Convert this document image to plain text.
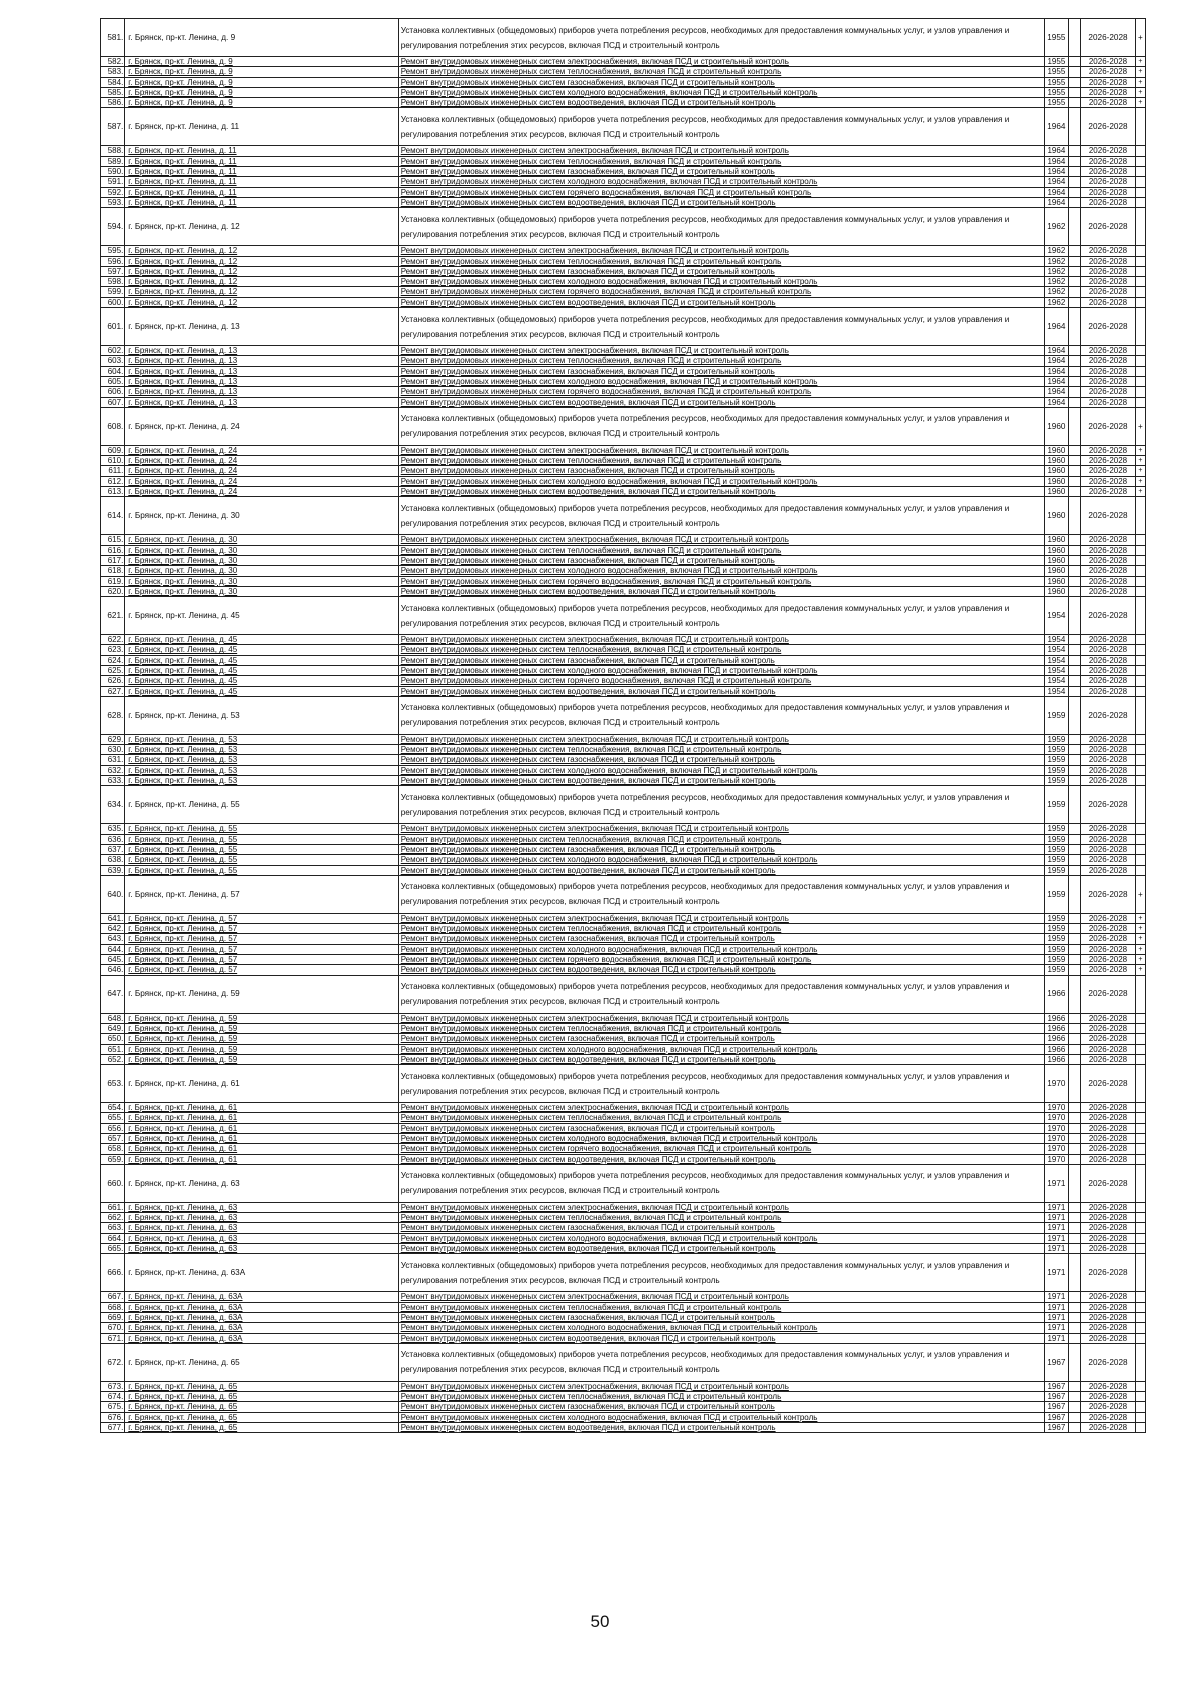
581.	г. Брянск, пр-кт. Ленина, д. 9	Установка коллективных (общедомовых) приборов учета потребления ресурсов, необходимых для предоставления коммунальных услуг, и узлов управления и регулирования потребления этих ресурсов, включая ПСД и строительный контроль	1955		2026-2028	+
582.	г. Брянск, пр-кт. Ленина, д. 9	Ремонт внутридомовых инженерных систем электроснабжения, включая ПСД и строительный контроль	1955		2026-2028	+
583.	г. Брянск, пр-кт. Ленина, д. 9	Ремонт внутридомовых инженерных систем теплоснабжения, включая ПСД и строительный контроль	1955		2026-2028	+
584.	г. Брянск, пр-кт. Ленина, д. 9	Ремонт внутридомовых инженерных систем газоснабжения, включая ПСД и строительный контроль	1955		2026-2028	+
585.	г. Брянск, пр-кт. Ленина, д. 9	Ремонт внутридомовых инженерных систем холодного водоснабжения, включая ПСД и строительный контроль	1955		2026-2028	+
586.	г. Брянск, пр-кт. Ленина, д. 9	Ремонт внутридомовых инженерных систем водоотведения, включая ПСД и строительный контроль	1955		2026-2028	+
587.	г. Брянск, пр-кт. Ленина, д. 11	Установка коллективных (общедомовых) приборов учета потребления ресурсов, необходимых для предоставления коммунальных услуг, и узлов управления и регулирования потребления этих ресурсов, включая ПСД и строительный контроль	1964		2026-2028	
588.	г. Брянск, пр-кт. Ленина, д. 11	Ремонт внутридомовых инженерных систем электроснабжения, включая ПСД и строительный контроль	1964		2026-2028	
589.	г. Брянск, пр-кт. Ленина, д. 11	Ремонт внутридомовых инженерных систем теплоснабжения, включая ПСД и строительный контроль	1964		2026-2028	
590.	г. Брянск, пр-кт. Ленина, д. 11	Ремонт внутридомовых инженерных систем газоснабжения, включая ПСД и строительный контроль	1964		2026-2028	
591.	г. Брянск, пр-кт. Ленина, д. 11	Ремонт внутридомовых инженерных систем холодного водоснабжения, включая ПСД и строительный контроль	1964		2026-2028	
592.	г. Брянск, пр-кт. Ленина, д. 11	Ремонт внутридомовых инженерных систем горячего водоснабжения, включая ПСД и строительный контроль	1964		2026-2028	
593.	г. Брянск, пр-кт. Ленина, д. 11	Ремонт внутридомовых инженерных систем водоотведения, включая ПСД и строительный контроль	1964		2026-2028	
594.	г. Брянск, пр-кт. Ленина, д. 12	Установка коллективных (общедомовых) приборов учета потребления ресурсов, необходимых для предоставления коммунальных услуг, и узлов управления и регулирования потребления этих ресурсов, включая ПСД и строительный контроль	1962		2026-2028	
595.	г. Брянск, пр-кт. Ленина, д. 12	Ремонт внутридомовых инженерных систем электроснабжения, включая ПСД и строительный контроль	1962		2026-2028	
596.	г. Брянск, пр-кт. Ленина, д. 12	Ремонт внутридомовых инженерных систем теплоснабжения, включая ПСД и строительный контроль	1962		2026-2028	
597.	г. Брянск, пр-кт. Ленина, д. 12	Ремонт внутридомовых инженерных систем газоснабжения, включая ПСД и строительный контроль	1962		2026-2028	
598.	г. Брянск, пр-кт. Ленина, д. 12	Ремонт внутридомовых инженерных систем холодного водоснабжения, включая ПСД и строительный контроль	1962		2026-2028	
599.	г. Брянск, пр-кт. Ленина, д. 12	Ремонт внутридомовых инженерных систем горячего водоснабжения, включая ПСД и строительный контроль	1962		2026-2028	
600.	г. Брянск, пр-кт. Ленина, д. 12	Ремонт внутридомовых инженерных систем водоотведения, включая ПСД и строительный контроль	1962		2026-2028	
601.	г. Брянск, пр-кт. Ленина, д. 13	Установка коллективных (общедомовых) приборов учета потребления ресурсов, необходимых для предоставления коммунальных услуг, и узлов управления и регулирования потребления этих ресурсов, включая ПСД и строительный контроль	1964		2026-2028	
602.	г. Брянск, пр-кт. Ленина, д. 13	Ремонт внутридомовых инженерных систем электроснабжения, включая ПСД и строительный контроль	1964		2026-2028	
603.	г. Брянск, пр-кт. Ленина, д. 13	Ремонт внутридомовых инженерных систем теплоснабжения, включая ПСД и строительный контроль	1964		2026-2028	
604.	г. Брянск, пр-кт. Ленина, д. 13	Ремонт внутридомовых инженерных систем газоснабжения, включая ПСД и строительный контроль	1964		2026-2028	
605.	г. Брянск, пр-кт. Ленина, д. 13	Ремонт внутридомовых инженерных систем холодного водоснабжения, включая ПСД и строительный контроль	1964		2026-2028	
606.	г. Брянск, пр-кт. Ленина, д. 13	Ремонт внутридомовых инженерных систем горячего водоснабжения, включая ПСД и строительный контроль	1964		2026-2028	
607.	г. Брянск, пр-кт. Ленина, д. 13	Ремонт внутридомовых инженерных систем водоотведения, включая ПСД и строительный контроль	1964		2026-2028	
608.	г. Брянск, пр-кт. Ленина, д. 24	Установка коллективных (общедомовых) приборов учета потребления ресурсов, необходимых для предоставления коммунальных услуг, и узлов управления и регулирования потребления этих ресурсов, включая ПСД и строительный контроль	1960		2026-2028	+
609.	г. Брянск, пр-кт. Ленина, д. 24	Ремонт внутридомовых инженерных систем электроснабжения, включая ПСД и строительный контроль	1960		2026-2028	+
610.	г. Брянск, пр-кт. Ленина, д. 24	Ремонт внутридомовых инженерных систем теплоснабжения, включая ПСД и строительный контроль	1960		2026-2028	+
611.	г. Брянск, пр-кт. Ленина, д. 24	Ремонт внутридомовых инженерных систем газоснабжения, включая ПСД и строительный контроль	1960		2026-2028	+
612.	г. Брянск, пр-кт. Ленина, д. 24	Ремонт внутридомовых инженерных систем холодного водоснабжения, включая ПСД и строительный контроль	1960		2026-2028	+
613.	г. Брянск, пр-кт. Ленина, д. 24	Ремонт внутридомовых инженерных систем водоотведения, включая ПСД и строительный контроль	1960		2026-2028	+
614.	г. Брянск, пр-кт. Ленина, д. 30	Установка коллективных (общедомовых) приборов учета потребления ресурсов, необходимых для предоставления коммунальных услуг, и узлов управления и регулирования потребления этих ресурсов, включая ПСД и строительный контроль	1960		2026-2028	
615.	г. Брянск, пр-кт. Ленина, д. 30	Ремонт внутридомовых инженерных систем электроснабжения, включая ПСД и строительный контроль	1960		2026-2028	
616.	г. Брянск, пр-кт. Ленина, д. 30	Ремонт внутридомовых инженерных систем теплоснабжения, включая ПСД и строительный контроль	1960		2026-2028	
617.	г. Брянск, пр-кт. Ленина, д. 30	Ремонт внутридомовых инженерных систем газоснабжения, включая ПСД и строительный контроль	1960		2026-2028	
618.	г. Брянск, пр-кт. Ленина, д. 30	Ремонт внутридомовых инженерных систем холодного водоснабжения, включая ПСД и строительный контроль	1960		2026-2028	
619.	г. Брянск, пр-кт. Ленина, д. 30	Ремонт внутридомовых инженерных систем горячего водоснабжения, включая ПСД и строительный контроль	1960		2026-2028	
620.	г. Брянск, пр-кт. Ленина, д. 30	Ремонт внутридомовых инженерных систем водоотведения, включая ПСД и строительный контроль	1960		2026-2028	
621.	г. Брянск, пр-кт. Ленина, д. 45	Установка коллективных (общедомовых) приборов учета потребления ресурсов, необходимых для предоставления коммунальных услуг, и узлов управления и регулирования потребления этих ресурсов, включая ПСД и строительный контроль	1954		2026-2028	
622.	г. Брянск, пр-кт. Ленина, д. 45	Ремонт внутридомовых инженерных систем электроснабжения, включая ПСД и строительный контроль	1954		2026-2028	
623.	г. Брянск, пр-кт. Ленина, д. 45	Ремонт внутридомовых инженерных систем теплоснабжения, включая ПСД и строительный контроль	1954		2026-2028	
624.	г. Брянск, пр-кт. Ленина, д. 45	Ремонт внутридомовых инженерных систем газоснабжения, включая ПСД и строительный контроль	1954		2026-2028	
625.	г. Брянск, пр-кт. Ленина, д. 45	Ремонт внутридомовых инженерных систем холодного водоснабжения, включая ПСД и строительный контроль	1954		2026-2028	
626.	г. Брянск, пр-кт. Ленина, д. 45	Ремонт внутридомовых инженерных систем горячего водоснабжения, включая ПСД и строительный контроль	1954		2026-2028	
627.	г. Брянск, пр-кт. Ленина, д. 45	Ремонт внутридомовых инженерных систем водоотведения, включая ПСД и строительный контроль	1954		2026-2028	
628.	г. Брянск, пр-кт. Ленина, д. 53	Установка коллективных (общедомовых) приборов учета потребления ресурсов, необходимых для предоставления коммунальных услуг, и узлов управления и регулирования потребления этих ресурсов, включая ПСД и строительный контроль	1959		2026-2028	
629.	г. Брянск, пр-кт. Ленина, д. 53	Ремонт внутридомовых инженерных систем электроснабжения, включая ПСД и строительный контроль	1959		2026-2028	
630.	г. Брянск, пр-кт. Ленина, д. 53	Ремонт внутридомовых инженерных систем теплоснабжения, включая ПСД и строительный контроль	1959		2026-2028	
631.	г. Брянск, пр-кт. Ленина, д. 53	Ремонт внутридомовых инженерных систем газоснабжения, включая ПСД и строительный контроль	1959		2026-2028	
632.	г. Брянск, пр-кт. Ленина, д. 53	Ремонт внутридомовых инженерных систем холодного водоснабжения, включая ПСД и строительный контроль	1959		2026-2028	
633.	г. Брянск, пр-кт. Ленина, д. 53	Ремонт внутридомовых инженерных систем водоотведения, включая ПСД и строительный контроль	1959		2026-2028	
634.	г. Брянск, пр-кт. Ленина, д. 55	Установка коллективных (общедомовых) приборов учета потребления ресурсов, необходимых для предоставления коммунальных услуг, и узлов управления и регулирования потребления этих ресурсов, включая ПСД и строительный контроль	1959		2026-2028	
635.	г. Брянск, пр-кт. Ленина, д. 55	Ремонт внутридомовых инженерных систем электроснабжения, включая ПСД и строительный контроль	1959		2026-2028	
636.	г. Брянск, пр-кт. Ленина, д. 55	Ремонт внутридомовых инженерных систем теплоснабжения, включая ПСД и строительный контроль	1959		2026-2028	
637.	г. Брянск, пр-кт. Ленина, д. 55	Ремонт внутридомовых инженерных систем газоснабжения, включая ПСД и строительный контроль	1959		2026-2028	
638.	г. Брянск, пр-кт. Ленина, д. 55	Ремонт внутридомовых инженерных систем холодного водоснабжения, включая ПСД и строительный контроль	1959		2026-2028	
639.	г. Брянск, пр-кт. Ленина, д. 55	Ремонт внутридомовых инженерных систем водоотведения, включая ПСД и строительный контроль	1959		2026-2028	
640.	г. Брянск, пр-кт. Ленина, д. 57	Установка коллективных (общедомовых) приборов учета потребления ресурсов, необходимых для предоставления коммунальных услуг, и узлов управления и регулирования потребления этих ресурсов, включая ПСД и строительный контроль	1959		2026-2028	+
641.	г. Брянск, пр-кт. Ленина, д. 57	Ремонт внутридомовых инженерных систем электроснабжения, включая ПСД и строительный контроль	1959		2026-2028	+
642.	г. Брянск, пр-кт. Ленина, д. 57	Ремонт внутридомовых инженерных систем теплоснабжения, включая ПСД и строительный контроль	1959		2026-2028	+
643.	г. Брянск, пр-кт. Ленина, д. 57	Ремонт внутридомовых инженерных систем газоснабжения, включая ПСД и строительный контроль	1959		2026-2028	+
644.	г. Брянск, пр-кт. Ленина, д. 57	Ремонт внутридомовых инженерных систем холодного водоснабжения, включая ПСД и строительный контроль	1959		2026-2028	+
645.	г. Брянск, пр-кт. Ленина, д. 57	Ремонт внутридомовых инженерных систем горячего водоснабжения, включая ПСД и строительный контроль	1959		2026-2028	+
646.	г. Брянск, пр-кт. Ленина, д. 57	Ремонт внутридомовых инженерных систем водоотведения, включая ПСД и строительный контроль	1959		2026-2028	+
647.	г. Брянск, пр-кт. Ленина, д. 59	Установка коллективных (общедомовых) приборов учета потребления ресурсов, необходимых для предоставления коммунальных услуг, и узлов управления и регулирования потребления этих ресурсов, включая ПСД и строительный контроль	1966		2026-2028	
648.	г. Брянск, пр-кт. Ленина, д. 59	Ремонт внутридомовых инженерных систем электроснабжения, включая ПСД и строительный контроль	1966		2026-2028	
649.	г. Брянск, пр-кт. Ленина, д. 59	Ремонт внутридомовых инженерных систем теплоснабжения, включая ПСД и строительный контроль	1966		2026-2028	
650.	г. Брянск, пр-кт. Ленина, д. 59	Ремонт внутридомовых инженерных систем газоснабжения, включая ПСД и строительный контроль	1966		2026-2028	
651.	г. Брянск, пр-кт. Ленина, д. 59	Ремонт внутридомовых инженерных систем холодного водоснабжения, включая ПСД и строительный контроль	1966		2026-2028	
652.	г. Брянск, пр-кт. Ленина, д. 59	Ремонт внутридомовых инженерных систем водоотведения, включая ПСД и строительный контроль	1966		2026-2028	
653.	г. Брянск, пр-кт. Ленина, д. 61	Установка коллективных (общедомовых) приборов учета потребления ресурсов, необходимых для предоставления коммунальных услуг, и узлов управления и регулирования потребления этих ресурсов, включая ПСД и строительный контроль	1970		2026-2028	
654.	г. Брянск, пр-кт. Ленина, д. 61	Ремонт внутридомовых инженерных систем электроснабжения, включая ПСД и строительный контроль	1970		2026-2028	
655.	г. Брянск, пр-кт. Ленина, д. 61	Ремонт внутридомовых инженерных систем теплоснабжения, включая ПСД и строительный контроль	1970		2026-2028	
656.	г. Брянск, пр-кт. Ленина, д. 61	Ремонт внутридомовых инженерных систем газоснабжения, включая ПСД и строительный контроль	1970		2026-2028	
657.	г. Брянск, пр-кт. Ленина, д. 61	Ремонт внутридомовых инженерных систем холодного водоснабжения, включая ПСД и строительный контроль	1970		2026-2028	
658.	г. Брянск, пр-кт. Ленина, д. 61	Ремонт внутридомовых инженерных систем горячего водоснабжения, включая ПСД и строительный контроль	1970		2026-2028	
659.	г. Брянск, пр-кт. Ленина, д. 61	Ремонт внутридомовых инженерных систем водоотведения, включая ПСД и строительный контроль	1970		2026-2028	
660.	г. Брянск, пр-кт. Ленина, д. 63	Установка коллективных (общедомовых) приборов учета потребления ресурсов, необходимых для предоставления коммунальных услуг, и узлов управления и регулирования потребления этих ресурсов, включая ПСД и строительный контроль	1971		2026-2028	
661.	г. Брянск, пр-кт. Ленина, д. 63	Ремонт внутридомовых инженерных систем электроснабжения, включая ПСД и строительный контроль	1971		2026-2028	
662.	г. Брянск, пр-кт. Ленина, д. 63	Ремонт внутридомовых инженерных систем теплоснабжения, включая ПСД и строительный контроль	1971		2026-2028	
663.	г. Брянск, пр-кт. Ленина, д. 63	Ремонт внутридомовых инженерных систем газоснабжения, включая ПСД и строительный контроль	1971		2026-2028	
664.	г. Брянск, пр-кт. Ленина, д. 63	Ремонт внутридомовых инженерных систем холодного водоснабжения, включая ПСД и строительный контроль	1971		2026-2028	
665.	г. Брянск, пр-кт. Ленина, д. 63	Ремонт внутридомовых инженерных систем водоотведения, включая ПСД и строительный контроль	1971		2026-2028	
666.	г. Брянск, пр-кт. Ленина, д. 63А	Установка коллективных (общедомовых) приборов учета потребления ресурсов, необходимых для предоставления коммунальных услуг, и узлов управления и регулирования потребления этих ресурсов, включая ПСД и строительный контроль	1971		2026-2028	
667.	г. Брянск, пр-кт. Ленина, д. 63А	Ремонт внутридомовых инженерных систем электроснабжения, включая ПСД и строительный контроль	1971		2026-2028	
668.	г. Брянск, пр-кт. Ленина, д. 63А	Ремонт внутридомовых инженерных систем теплоснабжения, включая ПСД и строительный контроль	1971		2026-2028	
669.	г. Брянск, пр-кт. Ленина, д. 63А	Ремонт внутридомовых инженерных систем газоснабжения, включая ПСД и строительный контроль	1971		2026-2028	
670.	г. Брянск, пр-кт. Ленина, д. 63А	Ремонт внутридомовых инженерных систем холодного водоснабжения, включая ПСД и строительный контроль	1971		2026-2028	
671.	г. Брянск, пр-кт. Ленина, д. 63А	Ремонт внутридомовых инженерных систем водоотведения, включая ПСД и строительный контроль	1971		2026-2028	
672.	г. Брянск, пр-кт. Ленина, д. 65	Установка коллективных (общедомовых) приборов учета потребления ресурсов, необходимых для предоставления коммунальных услуг, и узлов управления и регулирования потребления этих ресурсов, включая ПСД и строительный контроль	1967		2026-2028	
673.	г. Брянск, пр-кт. Ленина, д. 65	Ремонт внутридомовых инженерных систем электроснабжения, включая ПСД и строительный контроль	1967		2026-2028	
674.	г. Брянск, пр-кт. Ленина, д. 65	Ремонт внутридомовых инженерных систем теплоснабжения, включая ПСД и строительный контроль	1967		2026-2028	
675.	г. Брянск, пр-кт. Ленина, д. 65	Ремонт внутридомовых инженерных систем газоснабжения, включая ПСД и строительный контроль	1967		2026-2028	
676.	г. Брянск, пр-кт. Ленина, д. 65	Ремонт внутридомовых инженерных систем холодного водоснабжения, включая ПСД и строительный контроль	1967		2026-2028	
677.	г. Брянск, пр-кт. Ленина, д. 65	Ремонт внутридомовых инженерных систем водоотведения, включая ПСД и строительный контроль	1967		2026-2028	
50
